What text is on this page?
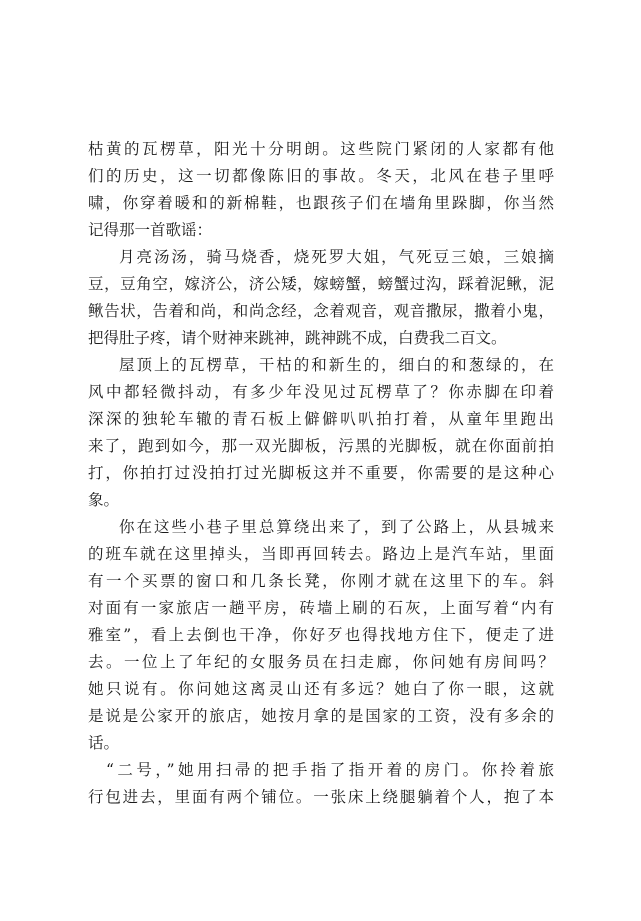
枯黄的瓦楞草，阳光十分明朗。这些院门紧闭的人家都有他
们的历史，这一切都像陈旧的事故。冬天，北风在巷子里呼
啸，你穿着暖和的新棉鞋，也跟孩子们在墙角里跺脚，你当然
记得那一首歌谣：
月亮汤汤，骑马烧香，烧死罗大姐，气死豆三娘，三娘摘
豆，豆角空，嫁济公，济公矮，嫁螃蟹，螃蟹过沟，踩着泥鳅，泥
鳅告状，告着和尚，和尚念经，念着观音，观音撒尿，撒着小鬼，
把得肚子疼，请个财神来跳神，跳神跳不成，白费我二百文。
屋顶上的瓦楞草，干枯的和新生的，细白的和葱绿的，在
风中都轻微抖动，有多少年没见过瓦楞草了？你赤脚在印着
深深的独轮车辙的青石板上僻僻叭叭拍打着，从童年里跑出
来了，跑到如今，那一双光脚板，污黑的光脚板，就在你面前拍
打，你拍打过没拍打过光脚板这并不重要，你需要的是这种心
象。
你在这些小巷子里总算绕出来了，到了公路上，从县城来
的班车就在这里掉头，当即再回转去。路边上是汽车站，里面
有一个买票的窗口和几条长凳，你刚才就在这里下的车。斜
对面有一家旅店一趟平房，砖墙上刷的石灰，上面写着“内有
雅室”，看上去倒也干净，你好歹也得找地方住下，便走了进
去。一位上了年纪的女服务员在扫走廊，你问她有房间吗？
她只说有。你问她这离灵山还有多远？她白了你一眼，这就
是说是公家开的旅店，她按月拿的是国家的工资，没有多余的
话。
“二号，”她用扫帚的把手指了指开着的房门。你拎着旅
行包进去，里面有两个铺位。一张床上绕腿躺着个人，抱了本
